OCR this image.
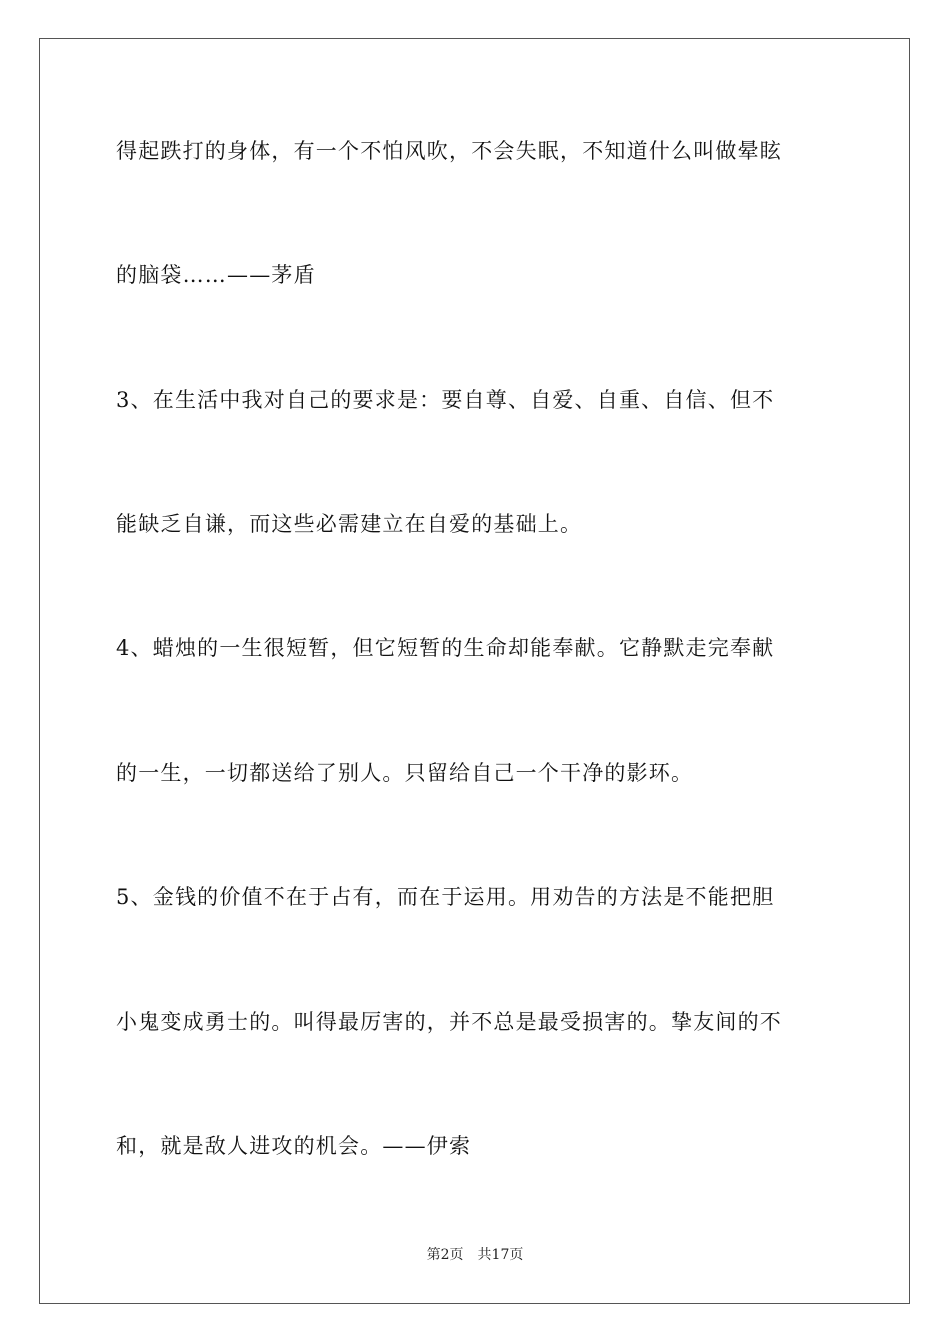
得起跌打的身体，有一个不怕风吹，不会失眠，不知道什么叫做晕眩
的脑袋……——茅盾
3、在生活中我对自己的要求是：要自尊、自爱、自重、自信、但不
能缺乏自谦，而这些必需建立在自爱的基础上。
4、蜡烛的一生很短暂，但它短暂的生命却能奉献。它静默走完奉献
的一生，一切都送给了别人。只留给自己一个干净的影环。
5、金钱的价值不在于占有，而在于运用。用劝告的方法是不能把胆
小鬼变成勇士的。叫得最厉害的，并不总是最受损害的。挚友间的不
和，就是敌人进攻的机会。——伊索
第2页 共17页
